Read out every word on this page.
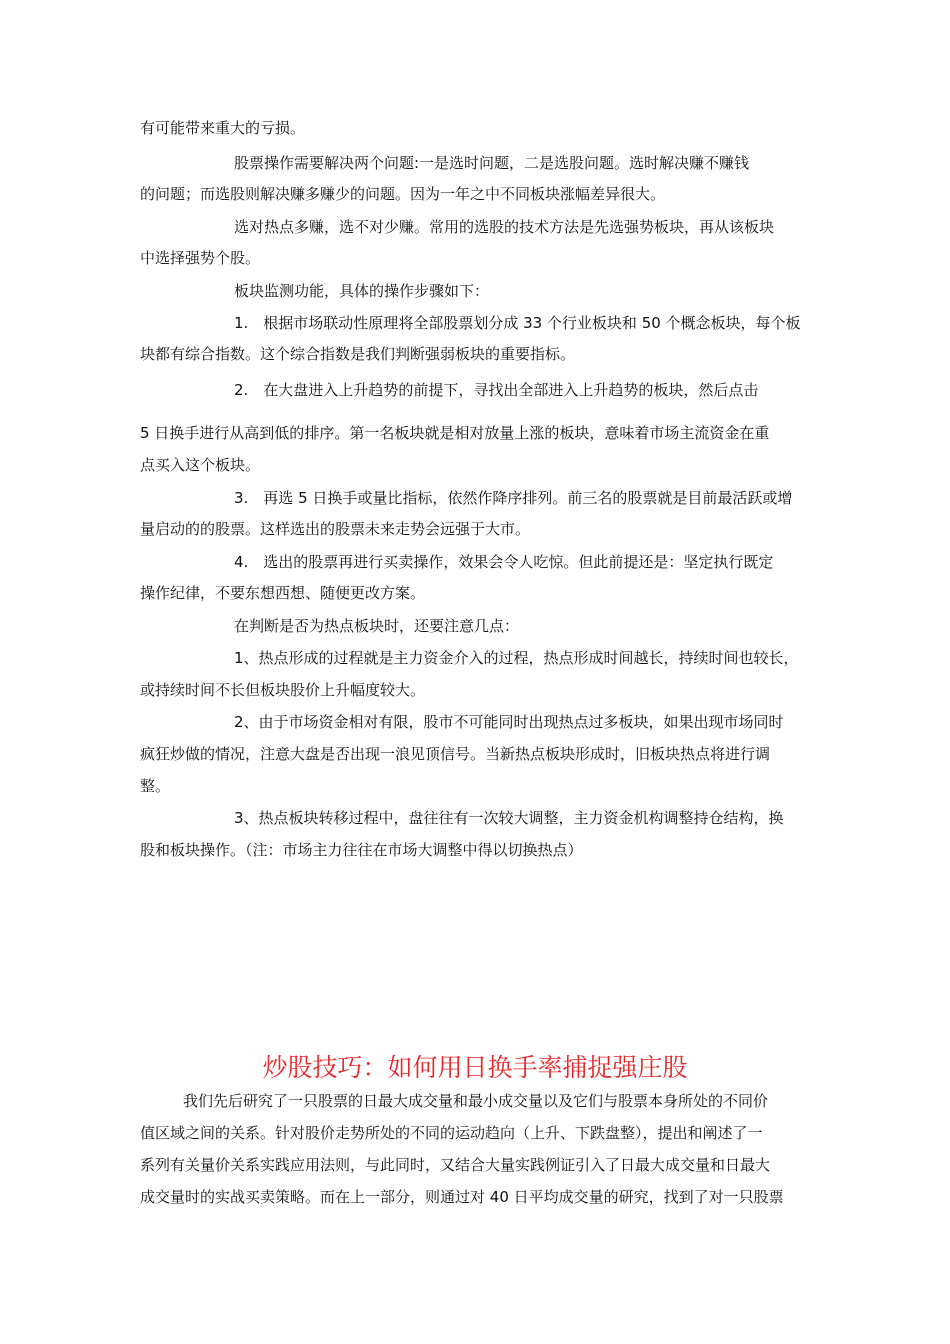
有可能带来重大的亏损。
股票操作需要解决两个问题:一是选时问题，二是选股问题。选时解决赚不赚钱
的问题；而选股则解决赚多赚少的问题。因为一年之中不同板块涨幅差异很大。
选对热点多赚，选不对少赚。常用的选股的技术方法是先选强势板块，再从该板块
中选择强势个股。
板块监测功能，具体的操作步骤如下：
1.　根据市场联动性原理将全部股票划分成 33 个行业板块和 50 个概念板块，每个板
块都有综合指数。这个综合指数是我们判断强弱板块的重要指标。
2.　在大盘进入上升趋势的前提下，寻找出全部进入上升趋势的板块，然后点击
5 日换手进行从高到低的排序。第一名板块就是相对放量上涨的板块，意味着市场主流资金在重
点买入这个板块。
3.　再选 5 日换手或量比指标，依然作降序排列。前三名的股票就是目前最活跃或增
量启动的的股票。这样选出的股票未来走势会远强于大市。
4.　选出的股票再进行买卖操作，效果会令人吃惊。但此前提还是：坚定执行既定
操作纪律，不要东想西想、随便更改方案。
在判断是否为热点板块时，还要注意几点：
1、热点形成的过程就是主力资金介入的过程，热点形成时间越长，持续时间也较长，
或持续时间不长但板块股价上升幅度较大。
2、由于市场资金相对有限，股市不可能同时出现热点过多板块，如果出现市场同时
疯狂炒做的情况，注意大盘是否出现一浪见顶信号。当新热点板块形成时，旧板块热点将进行调
整。
3、热点板块转移过程中，盘往往有一次较大调整，主力资金机构调整持仓结构，换
股和板块操作。（注：市场主力往往在市场大调整中得以切换热点）
炒股技巧：如何用日换手率捕捉强庄股
我们先后研究了一只股票的日最大成交量和最小成交量以及它们与股票本身所处的不同价
值区域之间的关系。针对股价走势所处的不同的运动趋向（上升、下跌盘整），提出和阐述了一
系列有关量价关系实践应用法则，与此同时，又结合大量实践例证引入了日最大成交量和日最大
成交量时的实战买卖策略。而在上一部分，则通过对 40 日平均成交量的研究，找到了对一只股票
